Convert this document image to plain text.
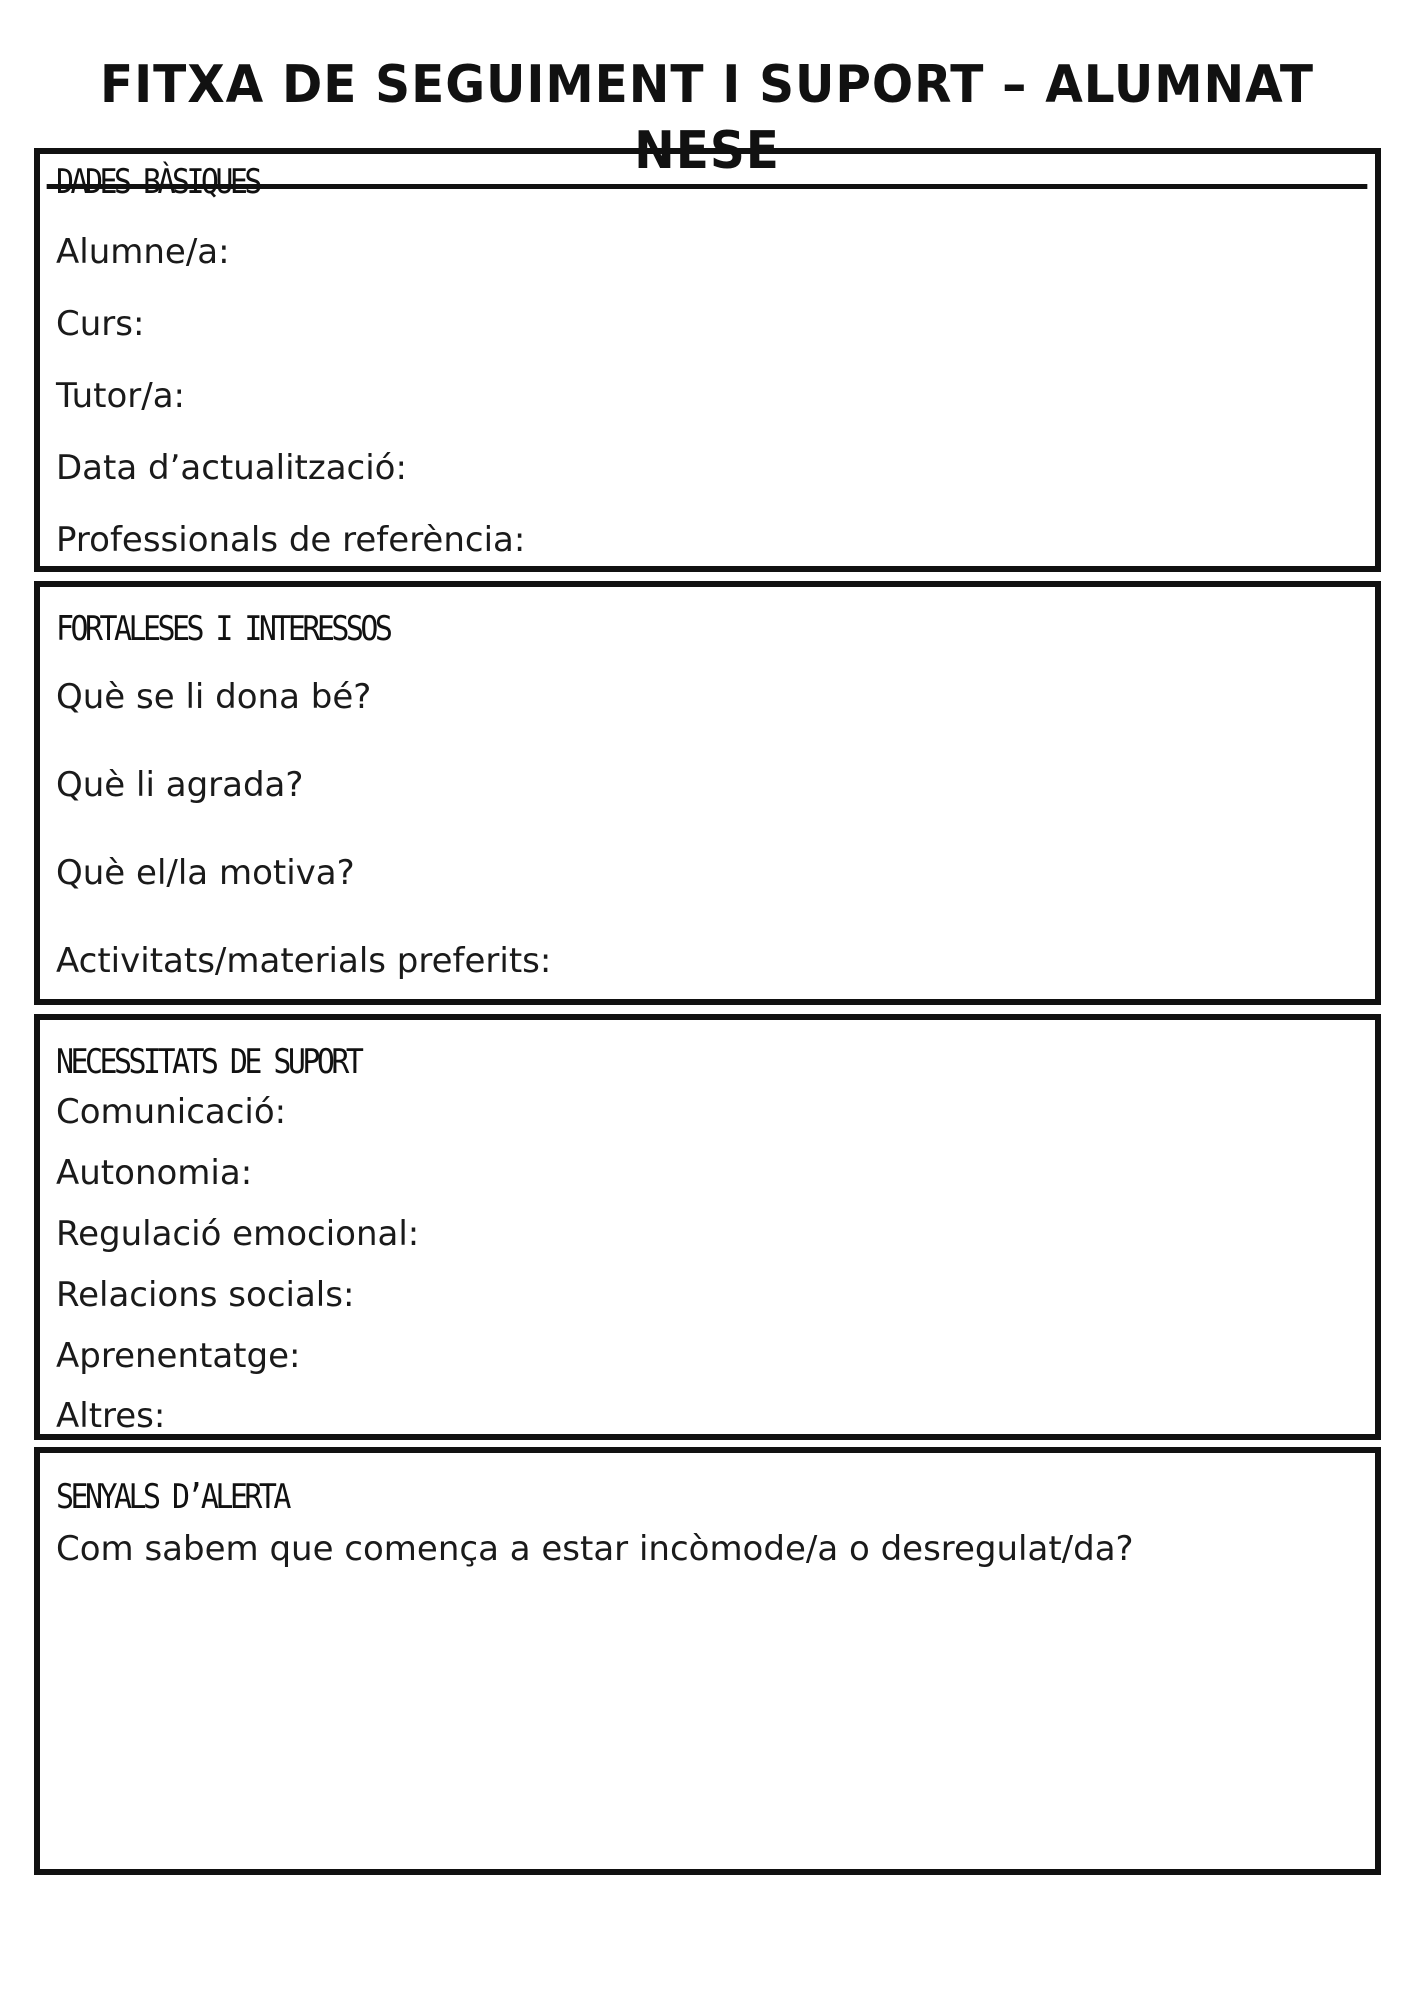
FITXA DE SEGUIMENT I SUPORT – ALUMNAT NESE
DADES BÀSIQUES
Alumne/a:
Curs:
Tutor/a:
Data d’actualització:
Professionals de referència:
FORTALESES I INTERESSOS
Què se li dona bé?
Què li agrada?
Què el/la motiva?
Activitats/materials preferits:
NECESSITATS DE SUPORT
Comunicació:
Autonomia:
Regulació emocional:
Relacions socials:
Aprenentatge:
Altres:
SENYALS D’ALERTA
Com sabem que comença a estar incòmode/a o desregulat/da?
